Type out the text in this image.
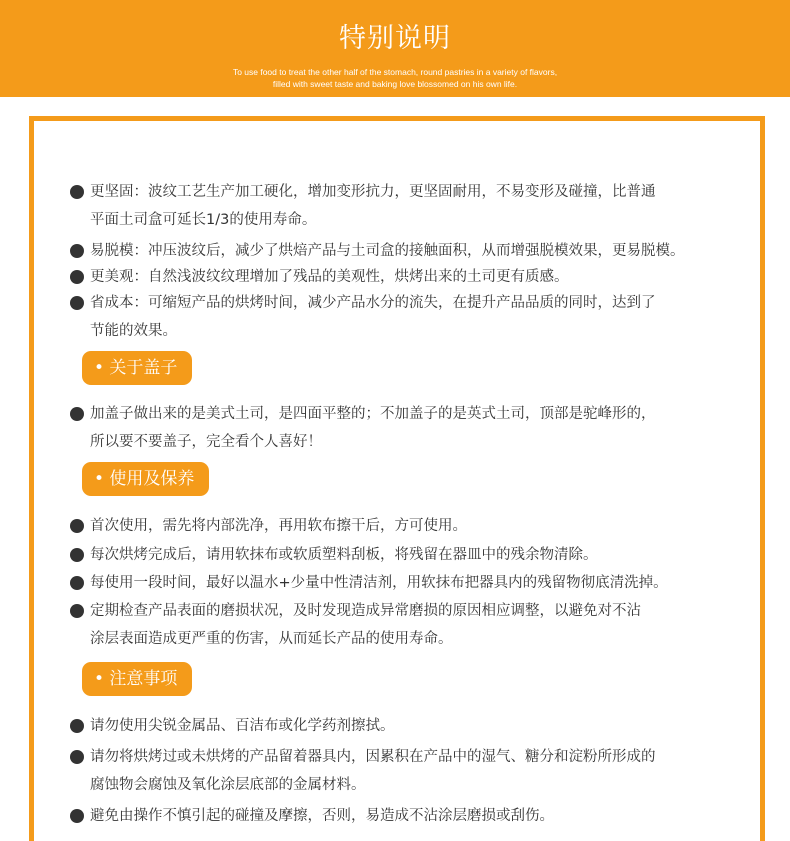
特别说明
To use food to treat the other half of the stomach, round pastries in a variety of flavors,
filled with sweet taste and baking love blossomed on his own life.
更坚固：波纹工艺生产加工硬化，增加变形抗力，更坚固耐用，不易变形及碰撞，比普通
平面土司盒可延长1/3的使用寿命。
易脱模：冲压波纹后，减少了烘焙产品与土司盒的接触面积，从而增强脱模效果，更易脱模。
更美观：自然浅波纹纹理增加了残品的美观性，烘烤出来的土司更有质感。
省成本：可缩短产品的烘烤时间，减少产品水分的流失，在提升产品品质的同时，达到了
节能的效果。
• 关于盖子
加盖子做出来的是美式土司，是四面平整的；不加盖子的是英式土司，顶部是驼峰形的，
所以要不要盖子，完全看个人喜好！
• 使用及保养
首次使用，需先将内部洗净，再用软布擦干后，方可使用。
每次烘烤完成后，请用软抹布或软质塑料刮板，将残留在器皿中的残余物清除。
每使用一段时间，最好以温水+少量中性清洁剂，用软抹布把器具内的残留物彻底清洗掉。
定期检查产品表面的磨损状况，及时发现造成异常磨损的原因相应调整，以避免对不沾
涂层表面造成更严重的伤害，从而延长产品的使用寿命。
• 注意事项
请勿使用尖锐金属品、百洁布或化学药剂擦拭。
请勿将烘烤过或未烘烤的产品留着器具内，因累积在产品中的湿气、糖分和淀粉所形成的
腐蚀物会腐蚀及氧化涂层底部的金属材料。
避免由操作不慎引起的碰撞及摩擦，否则，易造成不沾涂层磨损或刮伤。
